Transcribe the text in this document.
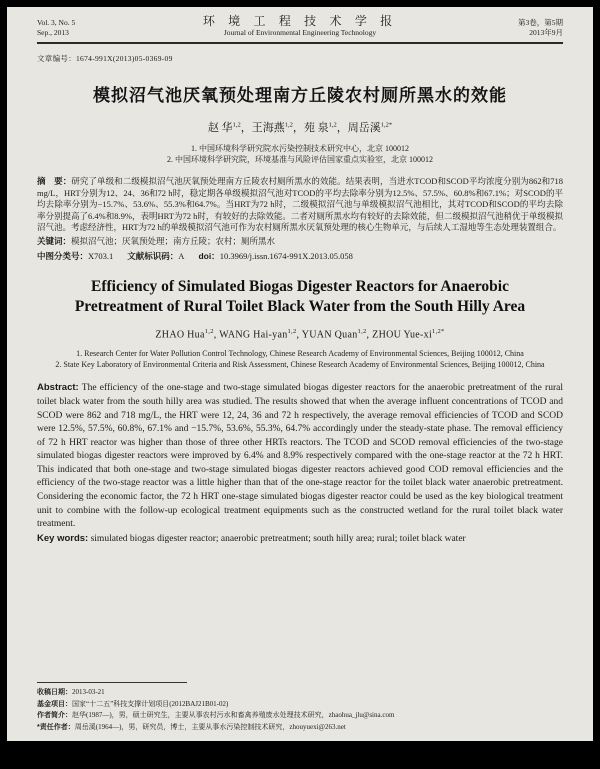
Vol. 3, No. 5
Sep., 2013
环 境 工 程 技 术 学 报
Journal of Environmental Engineering Technology
第3卷，第5期
2013年9月
文章编号：1674-991X(2013)05-0369-09
模拟沼气池厌氧预处理南方丘陵农村厕所黑水的效能
赵 华$^{1,2}$，王海燕$^{1,2}$，苑 泉$^{1,2}$，周岳溪$^{1,2*}$
1. 中国环境科学研究院水污染控制技术研究中心，北京 100012
2. 中国环境科学研究院，环境基准与风险评估国家重点实验室，北京 100012

摘　要：研究了单级和二级模拟沼气池厌氧预处理南方丘陵农村厕所黑水的效能。结果表明，当进水TCOD和SCOD平均浓度分别为862和718 mg/L，HRT分别为12、24、36和72 h时，稳定期各单级模拟沼气池对TCOD的平均去除率分别为12.5%、57.5%、60.8%和67.1%；对SCOD的平均去除率分别为−15.7%、53.6%、55.3%和64.7%。当HRT为72 h时，二级模拟沼气池与单级模拟沼气池相比，其对TCOD和SCOD的平均去除率分别提高了6.4%和8.9%，表明HRT为72 h时，有较好的去除效能。二者对厕所黑水均有较好的去除效能，但二级模拟沼气池稍优于单级模拟沼气池。考虑经济性，HRT为72 h的单级模拟沼气池可作为农村厕所黑水厌氧预处理的核心生物单元，与后续人工湿地等生态处理装置组合。

关键词：模拟沼气池；厌氧预处理；南方丘陵；农村；厕所黑水

中图分类号：X703.1 文献标识码：A doi：10.3969/j.issn.1674-991X.2013.05.058

Efficiency of Simulated Biogas Digester Reactors for Anaerobic
Pretreatment of Rural Toilet Black Water from the South Hilly Area
ZHAO Hua$^{1,2}$, WANG Hai-yan$^{1,2}$, YUAN Quan$^{1,2}$, ZHOU Yue-$xi^{1,2*}$
1. Research Center for Water Pollution Control Technology, Chinese Research Academy of Environmental Sciences, Beijing 100012, China
2. State Key Laboratory of Environmental Criteria and Risk Assessment, Chinese Research Academy of Environmental Sciences, Beijing 100012, China

Abstract: The efficiency of the one-stage and two-stage simulated biogas digester reactors for the anaerobic pretreatment of the rural toilet black water from the south hilly area was studied. The results showed that when the average influent concentrations of TCOD and SCOD were 862 and 718 mg/L, the HRT were 12, 24, 36 and 72 h respectively, the average removal efficiencies of TCOD and SCOD were 12.5%, 57.5%, 60.8%, 67.1% and −15.7%, 53.6%, 55.3%, 64.7% accordingly under the steady-state phase. The removal efficiency of 72 h HRT reactor was higher than those of three other HRTs reactors. The TCOD and SCOD removal efficiencies of the two-stage simulated biogas digester reactors were improved by 6.4% and 8.9% respectively compared with the one-stage reactor at the 72 h HRT. This indicated that both one-stage and two-stage simulated biogas digester reactors achieved good COD removal efficiencies and the efficiency of the two-stage reactor was a little higher than that of the one-stage reactor for the toilet black water anaerobic pretreatment. Considering the economic factor, the 72 h HRT one-stage simulated biogas digester reactor could be used as the key biological treatment unit to combine with the follow-up ecological treatment equipments such as the constructed wetland for the rural toilet black water treatment.

Key words: simulated biogas digester reactor; anaerobic pretreatment; south hilly area; rural; toilet black water

收稿日期：2013-03-21
基金项目：国家“十二五”科技支撑计划项目(2012BAJ21B01-02)
作者简介：赵华(1987—)，男，硕士研究生，主要从事农村污水和畜禽养殖废水处理技术研究，zhaohua_jlu@sina.com
*责任作者：周岳溪(1964—)，男，研究员，博士，主要从事水污染控制技术研究，zhouyuexi@263.net
